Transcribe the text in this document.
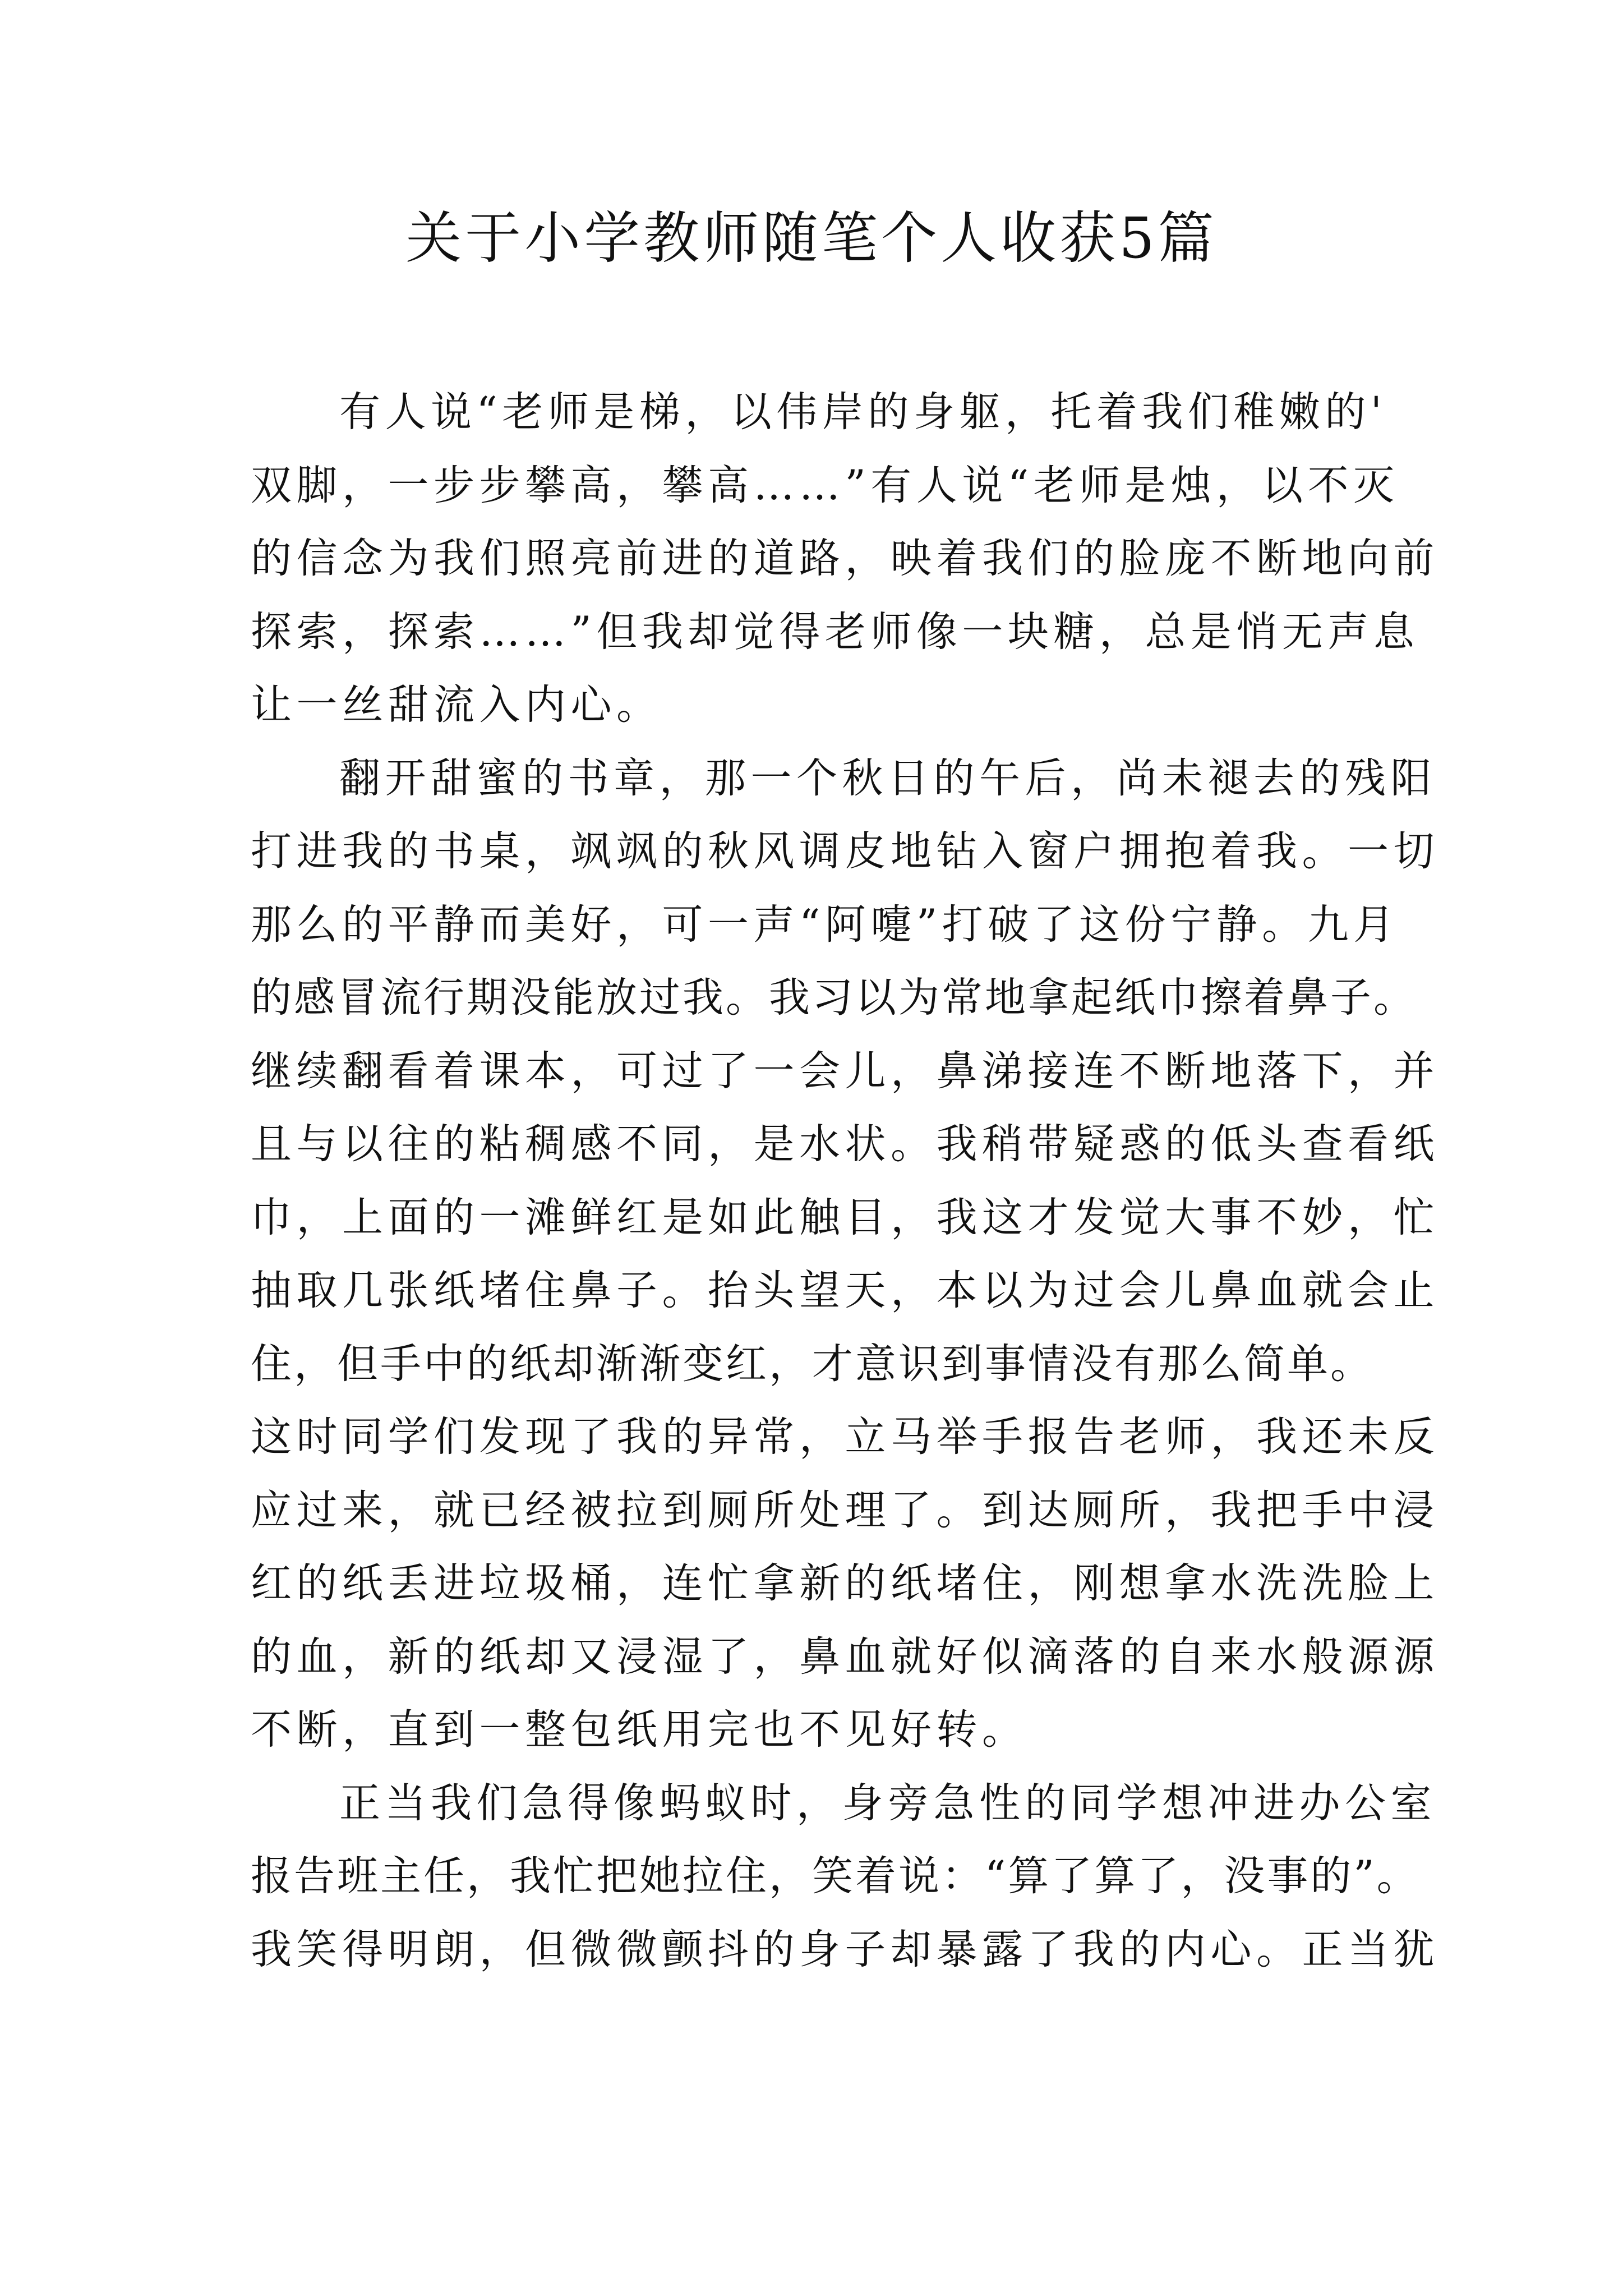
关于小学教师随笔个人收获5篇
有人说“老师是梯，以伟岸的身躯，托着我们稚嫩的'
双脚，一步步攀高，攀高……”有人说“老师是烛，以不灭
的信念为我们照亮前进的道路，映着我们的脸庞不断地向前
探索，探索……”但我却觉得老师像一块糖，总是悄无声息
让一丝甜流入内心。
翻开甜蜜的书章，那一个秋日的午后，尚未褪去的残阳
打进我的书桌，飒飒的秋风调皮地钻入窗户拥抱着我。一切
那么的平静而美好，可一声“阿嚏”打破了这份宁静。九月
的感冒流行期没能放过我。我习以为常地拿起纸巾擦着鼻子。
继续翻看着课本，可过了一会儿，鼻涕接连不断地落下，并
且与以往的粘稠感不同，是水状。我稍带疑惑的低头查看纸
巾，上面的一滩鲜红是如此触目，我这才发觉大事不妙，忙
抽取几张纸堵住鼻子。抬头望天，本以为过会儿鼻血就会止
住，但手中的纸却渐渐变红，才意识到事情没有那么简单。
这时同学们发现了我的异常，立马举手报告老师，我还未反
应过来，就已经被拉到厕所处理了。到达厕所，我把手中浸
红的纸丢进垃圾桶，连忙拿新的纸堵住，刚想拿水洗洗脸上
的血，新的纸却又浸湿了，鼻血就好似滴落的自来水般源源
不断，直到一整包纸用完也不见好转。
正当我们急得像蚂蚁时，身旁急性的同学想冲进办公室
报告班主任，我忙把她拉住，笑着说：“算了算了，没事的”。
我笑得明朗，但微微颤抖的身子却暴露了我的内心。正当犹
